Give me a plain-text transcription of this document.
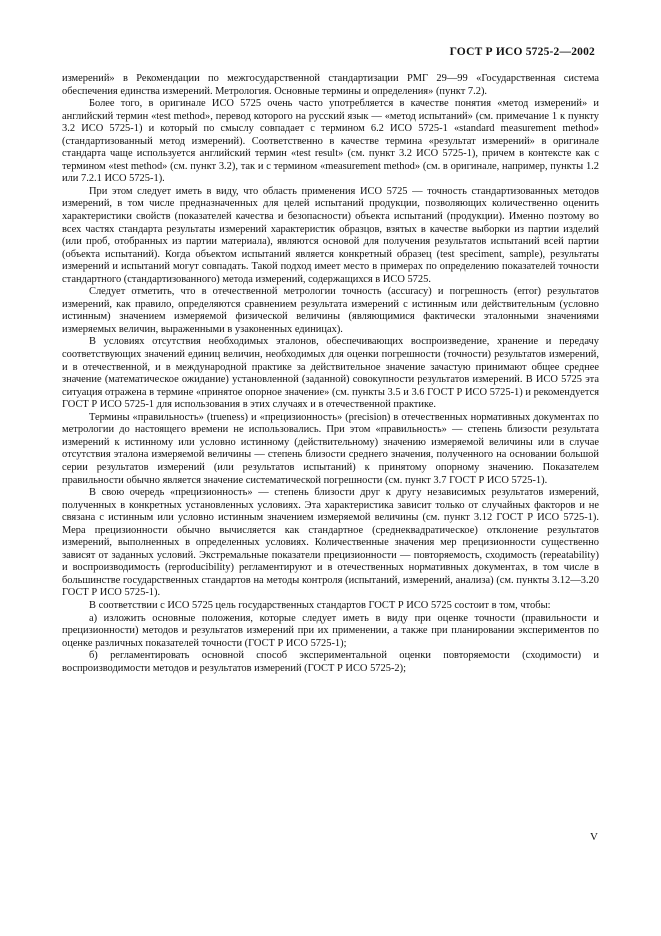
ГОСТ Р ИСО 5725-2—2002

измерений» в Рекомендации по межгосударственной стандартизации РМГ 29—99 «Государственная система обеспечения единства измерений. Метрология. Основные термины и определения» (пункт 7.2).

Более того, в оригинале ИСО 5725 очень часто употребляется в качестве понятия «метод измерений» и английский термин «test method», перевод которого на русский язык — «метод испытаний» (см. примечание 1 к пункту 3.2 ИСО 5725-1) и который по смыслу совпадает с термином 6.2 ИСО 5725-1 «standard measurement method» (стандартизованный метод измерений). Соответственно в качестве термина «результат измерений» в оригинале стандарта чаще используется английский термин «test result» (см. пункт 3.2 ИСО 5725-1), причем в контексте как с термином «test method» (см. пункт 3.2), так и с термином «measurement method» (см. в оригинале, например, пункты 1.2 или 7.2.1 ИСО 5725-1).

При этом следует иметь в виду, что область применения ИСО 5725 — точность стандартизованных методов измерений, в том числе предназначенных для целей испытаний продукции, позволяющих количественно оценить характеристики свойств (показателей качества и безопасности) объекта испытаний (продукции). Именно поэтому во всех частях стандарта результаты измерений характеристик образцов, взятых в качестве выборки из партии изделий (или проб, отобранных из партии материала), являются основой для получения результатов испытаний всей партии (объекта испытаний). Когда объектом испытаний является конкретный образец (test speciment, sample), результаты измерений и испытаний могут совпадать. Такой подход имеет место в примерах по определению показателей точности стандартного (стандартизованного) метода измерений, содержащихся в ИСО 5725.

Следует отметить, что в отечественной метрологии точность (accuracy) и погрешность (error) результатов измерений, как правило, определяются сравнением результата измерений с истинным или действительным (условно истинным) значением измеряемой физической величины (являющимися фактически эталонными значениями измеряемых величин, выраженными в узаконенных единицах).

В условиях отсутствия необходимых эталонов, обеспечивающих воспроизведение, хранение и передачу соответствующих значений единиц величин, необходимых для оценки погрешности (точности) результатов измерений, и в отечественной, и в международной практике за действительное значение зачастую принимают общее среднее значение (математическое ожидание) установленной (заданной) совокупности результатов измерений. В ИСО 5725 эта ситуация отражена в термине «принятое опорное значение» (см. пункты 3.5 и 3.6 ГОСТ Р ИСО 5725-1) и рекомендуется ГОСТ Р ИСО 5725-1 для использования в этих случаях и в отечественной практике.

Термины «правильность» (trueness) и «прецизионность» (precision) в отечественных нормативных документах по метрологии до настоящего времени не использовались. При этом «правильность» — степень близости результата измерений к истинному или условно истинному (действительному) значению измеряемой величины или в случае отсутствия эталона измеряемой величины — степень близости среднего значения, полученного на основании большой серии результатов измерений (или результатов испытаний) к принятому опорному значению. Показателем правильности обычно является значение систематической погрешности (см. пункт 3.7 ГОСТ Р ИСО 5725-1).

В свою очередь «прецизионность» — степень близости друг к другу независимых результатов измерений, полученных в конкретных установленных условиях. Эта характеристика зависит только от случайных факторов и не связана с истинным или условно истинным значением измеряемой величины (см. пункт 3.12 ГОСТ Р ИСО 5725-1). Мера прецизионности обычно вычисляется как стандартное (среднеквадратическое) отклонение результатов измерений, выполненных в определенных условиях. Количественные значения мер прецизионности существенно зависят от заданных условий. Экстремальные показатели прецизионности — повторяемость, сходимость (repeatability) и воспроизводимость (reproducibility) регламентируют и в отечественных нормативных документах, в том числе в большинстве государственных стандартов на методы контроля (испытаний, измерений, анализа) (см. пункты 3.12—3.20 ГОСТ Р ИСО 5725-1).

В соответствии с ИСО 5725 цель государственных стандартов ГОСТ Р ИСО 5725 состоит в том, чтобы:

а) изложить основные положения, которые следует иметь в виду при оценке точности (правильности и прецизионности) методов и результатов измерений при их применении, а также при планировании экспериментов по оценке различных показателей точности (ГОСТ Р ИСО 5725-1);

б) регламентировать основной способ экспериментальной оценки повторяемости (сходимости) и воспроизводимости методов и результатов измерений (ГОСТ Р ИСО 5725-2);

V
